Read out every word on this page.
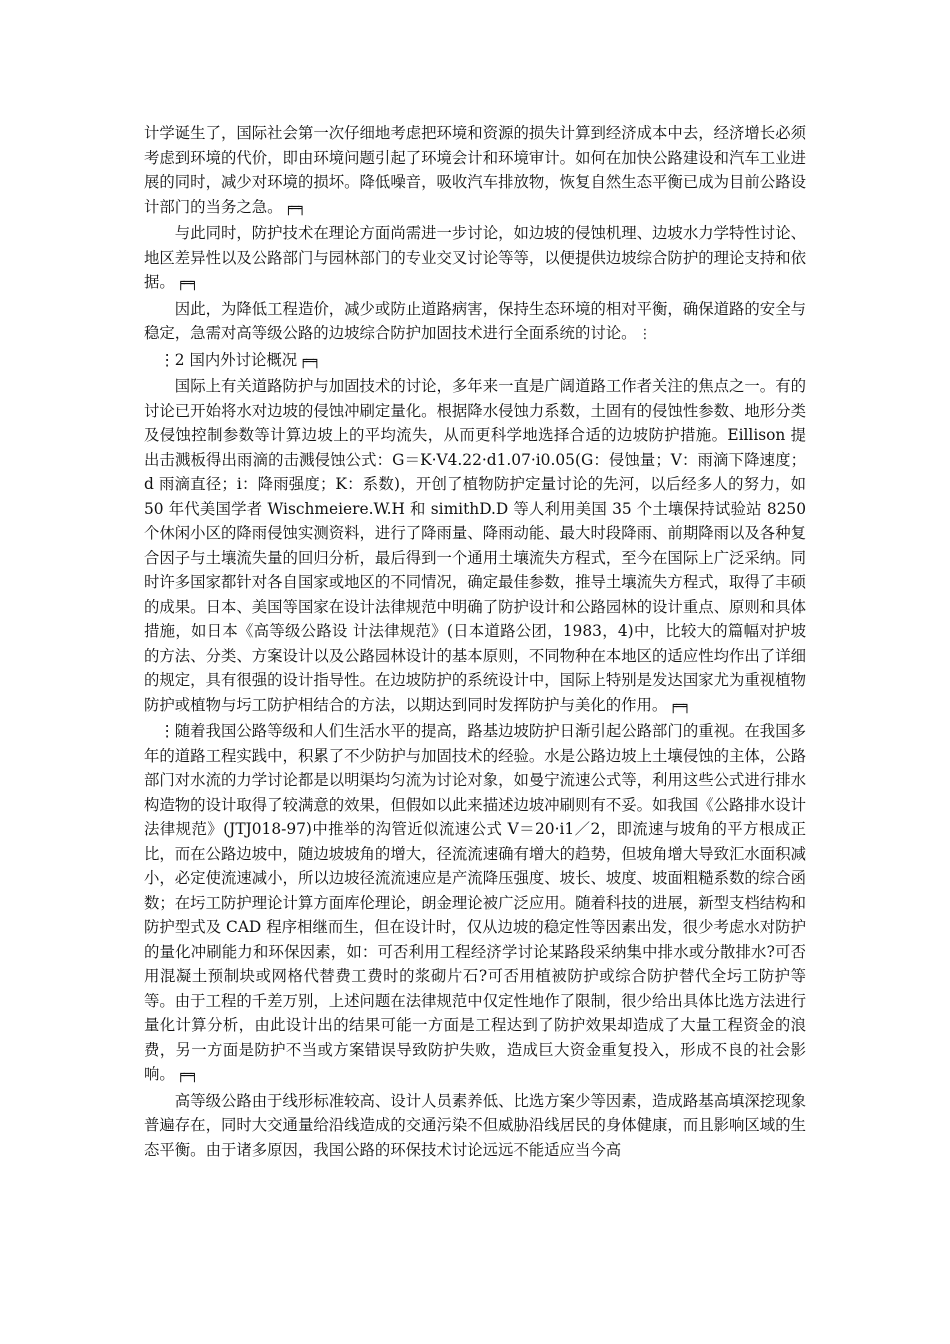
计学诞生了，国际社会第一次仔细地考虑把环境和资源的损失计算到经济成本中去，经济增长必须考虑到环境的代价，即由环境问题引起了环境会计和环境审计。如何在加快公路建设和汽车工业进展的同时，减少对环境的损坏。降低噪音，吸收汽车排放物，恢复自然生态平衡已成为目前公路设计部门的当务之急。 ╒═╕

与此同时，防护技术在理论方面尚需进一步讨论，如边坡的侵蚀机理、边坡水力学特性讨论、地区差异性以及公路部门与园林部门的专业交叉讨论等等，以便提供边坡综合防护的理论支持和依据。 ╒═╕

因此，为降低工程造价，减少或防止道路病害，保持生态环境的相对平衡，确保道路的安全与稳定，急需对高等级公路的边坡综合防护加固技术进行全面系统的讨论。 ⋮

⋮2 国内外讨论概况 ╒═╕

国际上有关道路防护与加固技术的讨论，多年来一直是广阔道路工作者关注的焦点之一。有的讨论已开始将水对边坡的侵蚀冲刷定量化。根据降水侵蚀力系数，土固有的侵蚀性参数、地形分类及侵蚀控制参数等计算边坡上的平均流失，从而更科学地选择合适的边坡防护措施。Eillison 提出击溅板得出雨滴的击溅侵蚀公式：G＝K·V4.22·d1.07·i0.05(G：侵蚀量；V：雨滴下降速度；d 雨滴直径；i：降雨强度；K：系数)，开创了植物防护定量讨论的先河，以后经多人的努力，如 50 年代美国学者 Wischmeiere.W.H 和 simithD.D 等人利用美国 35 个土壤保持试验站 8250 个休闲小区的降雨侵蚀实测资料，进行了降雨量、降雨动能、最大时段降雨、前期降雨以及各种复合因子与土壤流失量的回归分析，最后得到一个通用土壤流失方程式，至今在国际上广泛采纳。同时许多国家都针对各自国家或地区的不同情况，确定最佳参数，推导土壤流失方程式，取得了丰硕的成果。日本、美国等国家在设计法律规范中明确了防护设计和公路园林的设计重点、原则和具体措施，如日本《高等级公路设 计法律规范》(日本道路公团，1983，4)中，比较大的篇幅对护坡的方法、分类、方案设计以及公路园林设计的基本原则，不同物种在本地区的适应性均作出了详细的规定，具有很强的设计指导性。在边坡防护的系统设计中，国际上特别是发达国家尤为重视植物防护或植物与圬工防护相结合的方法，以期达到同时发挥防护与美化的作用。 ╒═╕

⋮随着我国公路等级和人们生活水平的提高，路基边坡防护日渐引起公路部门的重视。在我国多年的道路工程实践中，积累了不少防护与加固技术的经验。水是公路边坡上土壤侵蚀的主体，公路部门对水流的力学讨论都是以明渠均匀流为讨论对象，如曼宁流速公式等，利用这些公式进行排水构造物的设计取得了较满意的效果，但假如以此来描述边坡冲刷则有不妥。如我国《公路排水设计法律规范》(JTJ018-97)中推举的沟管近似流速公式 V＝20·i1／2，即流速与坡角的平方根成正比，而在公路边坡中，随边坡坡角的增大，径流流速确有增大的趋势，但坡角增大导致汇水面积减小，必定使流速减小，所以边坡径流流速应是产流降压强度、坡长、坡度、坡面粗糙系数的综合函数；在圬工防护理论计算方面库伦理论，朗金理论被广泛应用。随着科技的进展，新型支档结构和防护型式及 CAD 程序相继而生，但在设计时，仅从边坡的稳定性等因素出发，很少考虑水对防护的量化冲刷能力和环保因素，如：可否利用工程经济学讨论某路段采纳集中排水或分散排水?可否用混凝土预制块或网格代替费工费时的浆砌片石?可否用植被防护或综合防护替代全圬工防护等等。由于工程的千差万别，上述问题在法律规范中仅定性地作了限制，很少给出具体比选方法进行量化计算分析，由此设计出的结果可能一方面是工程达到了防护效果却造成了大量工程资金的浪费，另一方面是防护不当或方案错误导致防护失败，造成巨大资金重复投入，形成不良的社会影响。 ╒═╕

高等级公路由于线形标准较高、设计人员素养低、比选方案少等因素，造成路基高填深挖现象普遍存在，同时大交通量给沿线造成的交通污染不但威胁沿线居民的身体健康，而且影响区域的生态平衡。由于诸多原因，我国公路的环保技术讨论远远不能适应当今高
